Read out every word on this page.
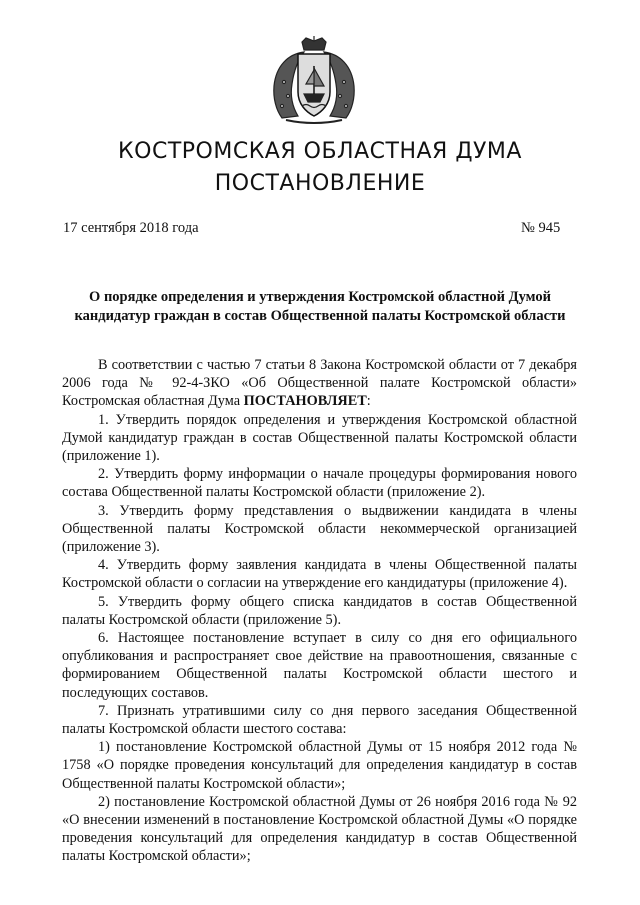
КОСТРОМСКАЯ ОБЛАСТНАЯ ДУМА
ПОСТАНОВЛЕНИЕ
17 сентября 2018 года	№ 945
О порядке определения и утверждения Костромской областной Думой
кандидатур граждан в состав Общественной палаты Костромской области

В соответствии с частью 7 статьи 8 Закона Костромской области от 7 декабря 2006 года № 92-4-ЗКО «Об Общественной палате Костромской области» Костромская областная Дума ПОСТАНОВЛЯЕТ:

1. Утвердить порядок определения и утверждения Костромской областной Думой кандидатур граждан в состав Общественной палаты Костромской области (приложение 1).

2. Утвердить форму информации о начале процедуры формирования нового состава Общественной палаты Костромской области (приложение 2).

3. Утвердить форму представления о выдвижении кандидата в члены Общественной палаты Костромской области некоммерческой организацией (приложение 3).

4. Утвердить форму заявления кандидата в члены Общественной палаты Костромской области о согласии на утверждение его кандидатуры (приложение 4).

5. Утвердить форму общего списка кандидатов в состав Общественной палаты Костромской области (приложение 5).

6. Настоящее постановление вступает в силу со дня его официального опубликования и распространяет свое действие на правоотношения, связанные с формированием Общественной палаты Костромской области шестого и последующих составов.

7. Признать утратившими силу со дня первого заседания Общественной палаты Костромской области шестого состава:

1) постановление Костромской областной Думы от 15 ноября 2012 года № 1758 «О порядке проведения консультаций для определения кандидатур в состав Общественной палаты Костромской области»;

2) постановление Костромской областной Думы от 26 ноября 2016 года № 92 «О внесении изменений в постановление Костромской областной Думы «О порядке проведения консультаций для определения кандидатур в состав Общественной палаты Костромской области»;
